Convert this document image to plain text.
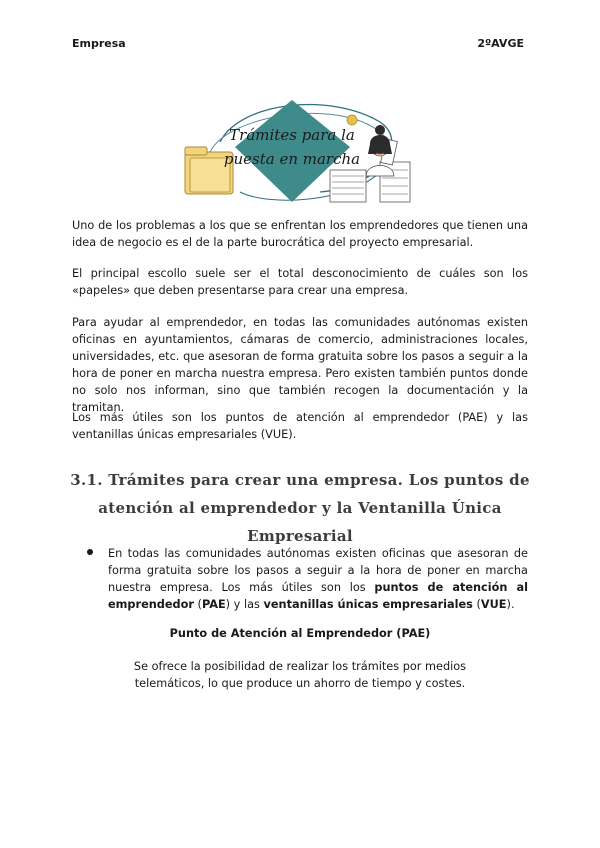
Empresa	2ºAVGE
Trámites para la
puesta en marcha

Uno de los problemas a los que se enfrentan los emprendedores que tienen una idea de negocio es el de la parte burocrática del proyecto empresarial.

El principal escollo suele ser el total desconocimiento de cuáles son los «papeles» que deben presentarse para crear una empresa.

Para ayudar al emprendedor, en todas las comunidades autónomas existen oficinas en ayuntamientos, cámaras de comercio, administraciones locales, universidades, etc. que asesoran de forma gratuita sobre los pasos a seguir a la hora de poner en marcha nuestra empresa. Pero existen también puntos donde no solo nos informan, sino que también recogen la documentación y la tramitan.

Los más útiles son los puntos de atención al emprendedor (PAE) y las ventanillas únicas empresariales (VUE).

3.1. Trámites para crear una empresa. Los puntos de atención al emprendedor y la Ventanilla Única Empresarial

En todas las comunidades autónomas existen oficinas que asesoran de forma gratuita sobre los pasos a seguir a la hora de poner en marcha nuestra empresa. Los más útiles son los puntos de atención al emprendedor (PAE) y las ventanillas únicas empresariales (VUE).

Punto de Atención al Emprendedor (PAE)

Se ofrece la posibilidad de realizar los trámites por medios telemáticos, lo que produce un ahorro de tiempo y costes.
